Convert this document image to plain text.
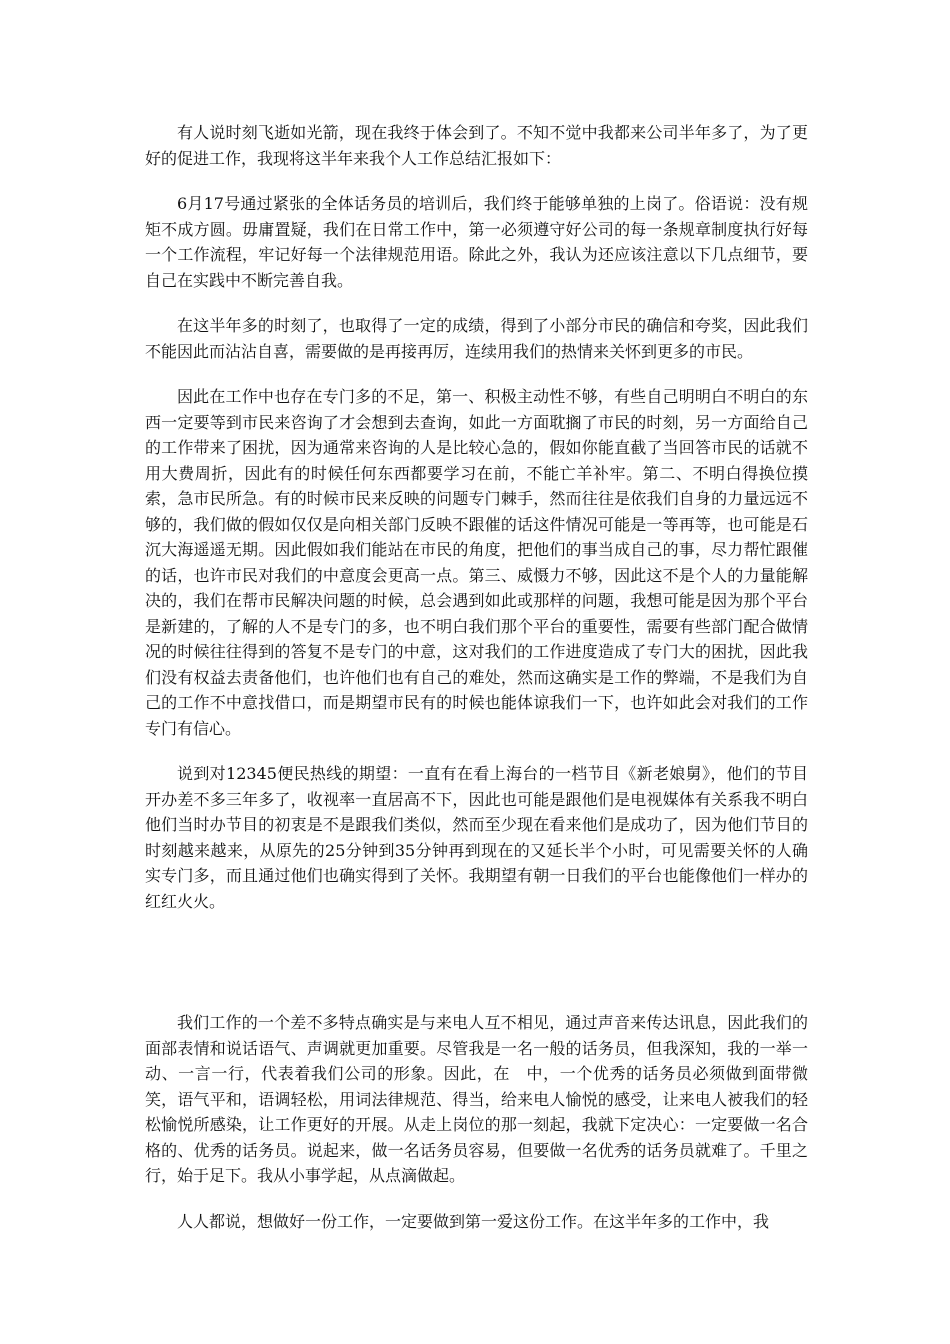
有人说时刻飞逝如光箭，现在我终于体会到了。不知不觉中我都来公司半年多了，为了更好的促进工作，我现将这半年来我个人工作总结汇报如下：

6月17号通过紧张的全体话务员的培训后，我们终于能够单独的上岗了。俗语说：没有规矩不成方圆。毋庸置疑，我们在日常工作中，第一必须遵守好公司的每一条规章制度执行好每一个工作流程，牢记好每一个法律规范用语。除此之外，我认为还应该注意以下几点细节，要自己在实践中不断完善自我。

在这半年多的时刻了，也取得了一定的成绩，得到了小部分市民的确信和夸奖，因此我们不能因此而沾沾自喜，需要做的是再接再厉，连续用我们的热情来关怀到更多的市民。

因此在工作中也存在专门多的不足，第一、积极主动性不够，有些自己明明白不明白的东西一定要等到市民来咨询了才会想到去查询，如此一方面耽搁了市民的时刻，另一方面给自己的工作带来了困扰，因为通常来咨询的人是比较心急的，假如你能直截了当回答市民的话就不用大费周折，因此有的时候任何东西都要学习在前，不能亡羊补牢。第二、不明白得换位摸索，急市民所急。有的时候市民来反映的问题专门棘手，然而往往是依我们自身的力量远远不够的，我们做的假如仅仅是向相关部门反映不跟催的话这件情况可能是一等再等，也可能是石沉大海遥遥无期。因此假如我们能站在市民的角度，把他们的事当成自己的事，尽力帮忙跟催的话，也许市民对我们的中意度会更高一点。第三、威慑力不够，因此这不是个人的力量能解决的，我们在帮市民解决问题的时候，总会遇到如此或那样的问题，我想可能是因为那个平台是新建的，了解的人不是专门的多，也不明白我们那个平台的重要性，需要有些部门配合做情况的时候往往得到的答复不是专门的中意，这对我们的工作进度造成了专门大的困扰，因此我们没有权益去责备他们，也许他们也有自己的难处，然而这确实是工作的弊端，不是我们为自己的工作不中意找借口，而是期望市民有的时候也能体谅我们一下，也许如此会对我们的工作专门有信心。

说到对12345便民热线的期望：一直有在看上海台的一档节目《新老娘舅》，他们的节目开办差不多三年多了，收视率一直居高不下，因此也可能是跟他们是电视媒体有关系我不明白他们当时办节目的初衷是不是跟我们类似，然而至少现在看来他们是成功了，因为他们节目的时刻越来越来，从原先的25分钟到35分钟再到现在的又延长半个小时，可见需要关怀的人确实专门多，而且通过他们也确实得到了关怀。我期望有朝一日我们的平台也能像他们一样办的红红火火。

我们工作的一个差不多特点确实是与来电人互不相见，通过声音来传达讯息，因此我们的面部表情和说话语气、声调就更加重要。尽管我是一名一般的话务员，但我深知，我的一举一动、一言一行，代表着我们公司的形象。因此，在　中，一个优秀的话务员必须做到面带微笑，语气平和，语调轻松，用词法律规范、得当，给来电人愉悦的感受，让来电人被我们的轻松愉悦所感染，让工作更好的开展。从走上岗位的那一刻起，我就下定决心：一定要做一名合格的、优秀的话务员。说起来，做一名话务员容易，但要做一名优秀的话务员就难了。千里之行，始于足下。我从小事学起，从点滴做起。

人人都说，想做好一份工作，一定要做到第一爱这份工作。在这半年多的工作中，我
